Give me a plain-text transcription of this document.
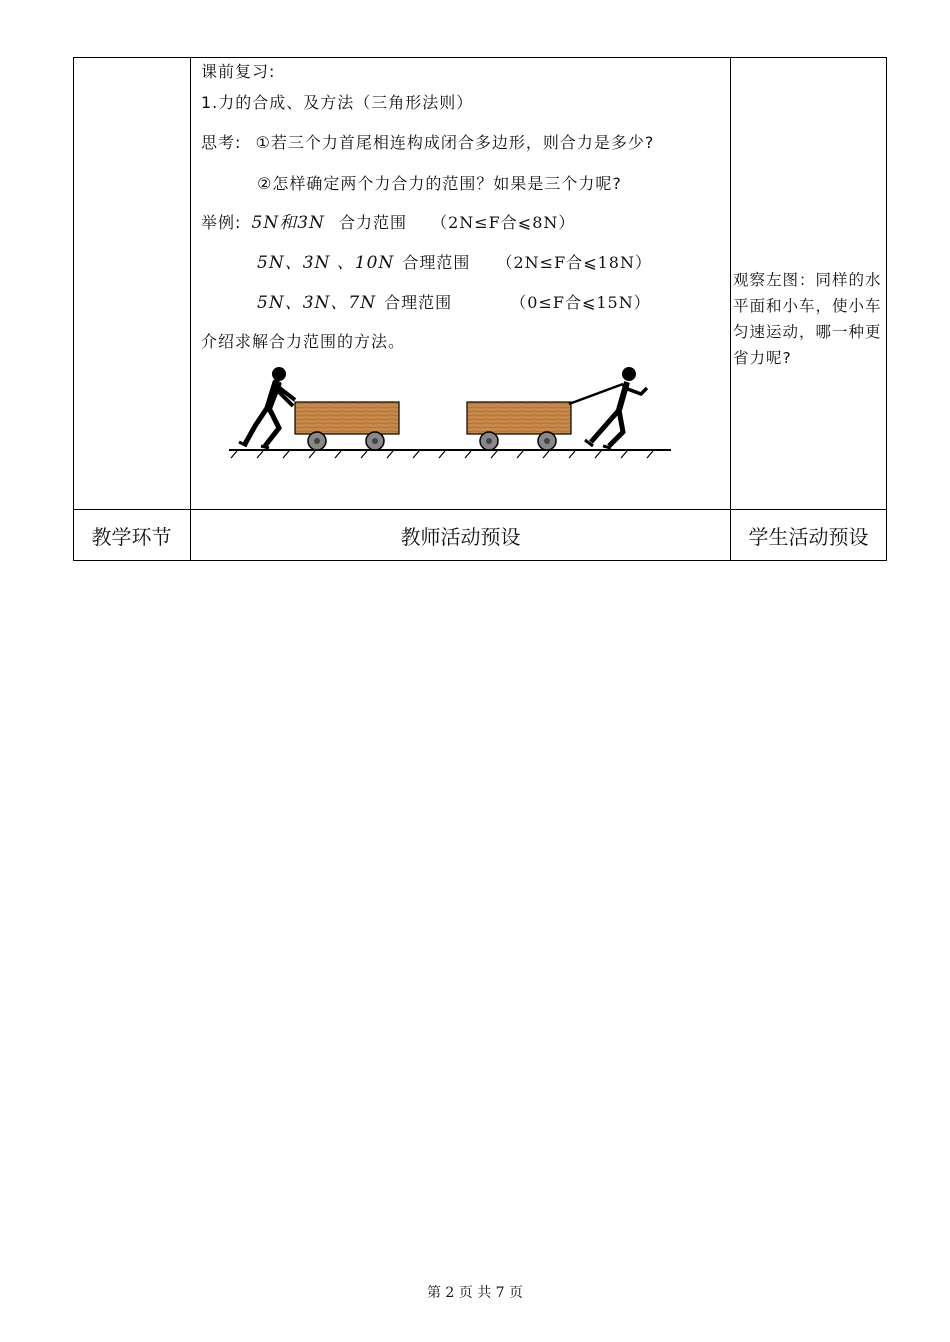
课前复习:
1.力的合成、及方法（三角形法则）
思考: ①若三个力首尾相连构成闭合多边形，则合力是多少?
②怎样确定两个力合力的范围？如果是三个力呢?
举例: 5N和3N 合力范围 （2N≤F合⩽8N）
5N、3N 、10N 合理范围 （2N≤F合⩽18N）
5N、3N、7N 合理范围	（0≤F合⩽15N）
介绍求解合力范围的方法。
观察左图：同样的水平面和小车，使小车匀速运动，哪一种更省力呢?
教学环节	教师活动预设	学生活动预设
第 2 页 共 7 页
